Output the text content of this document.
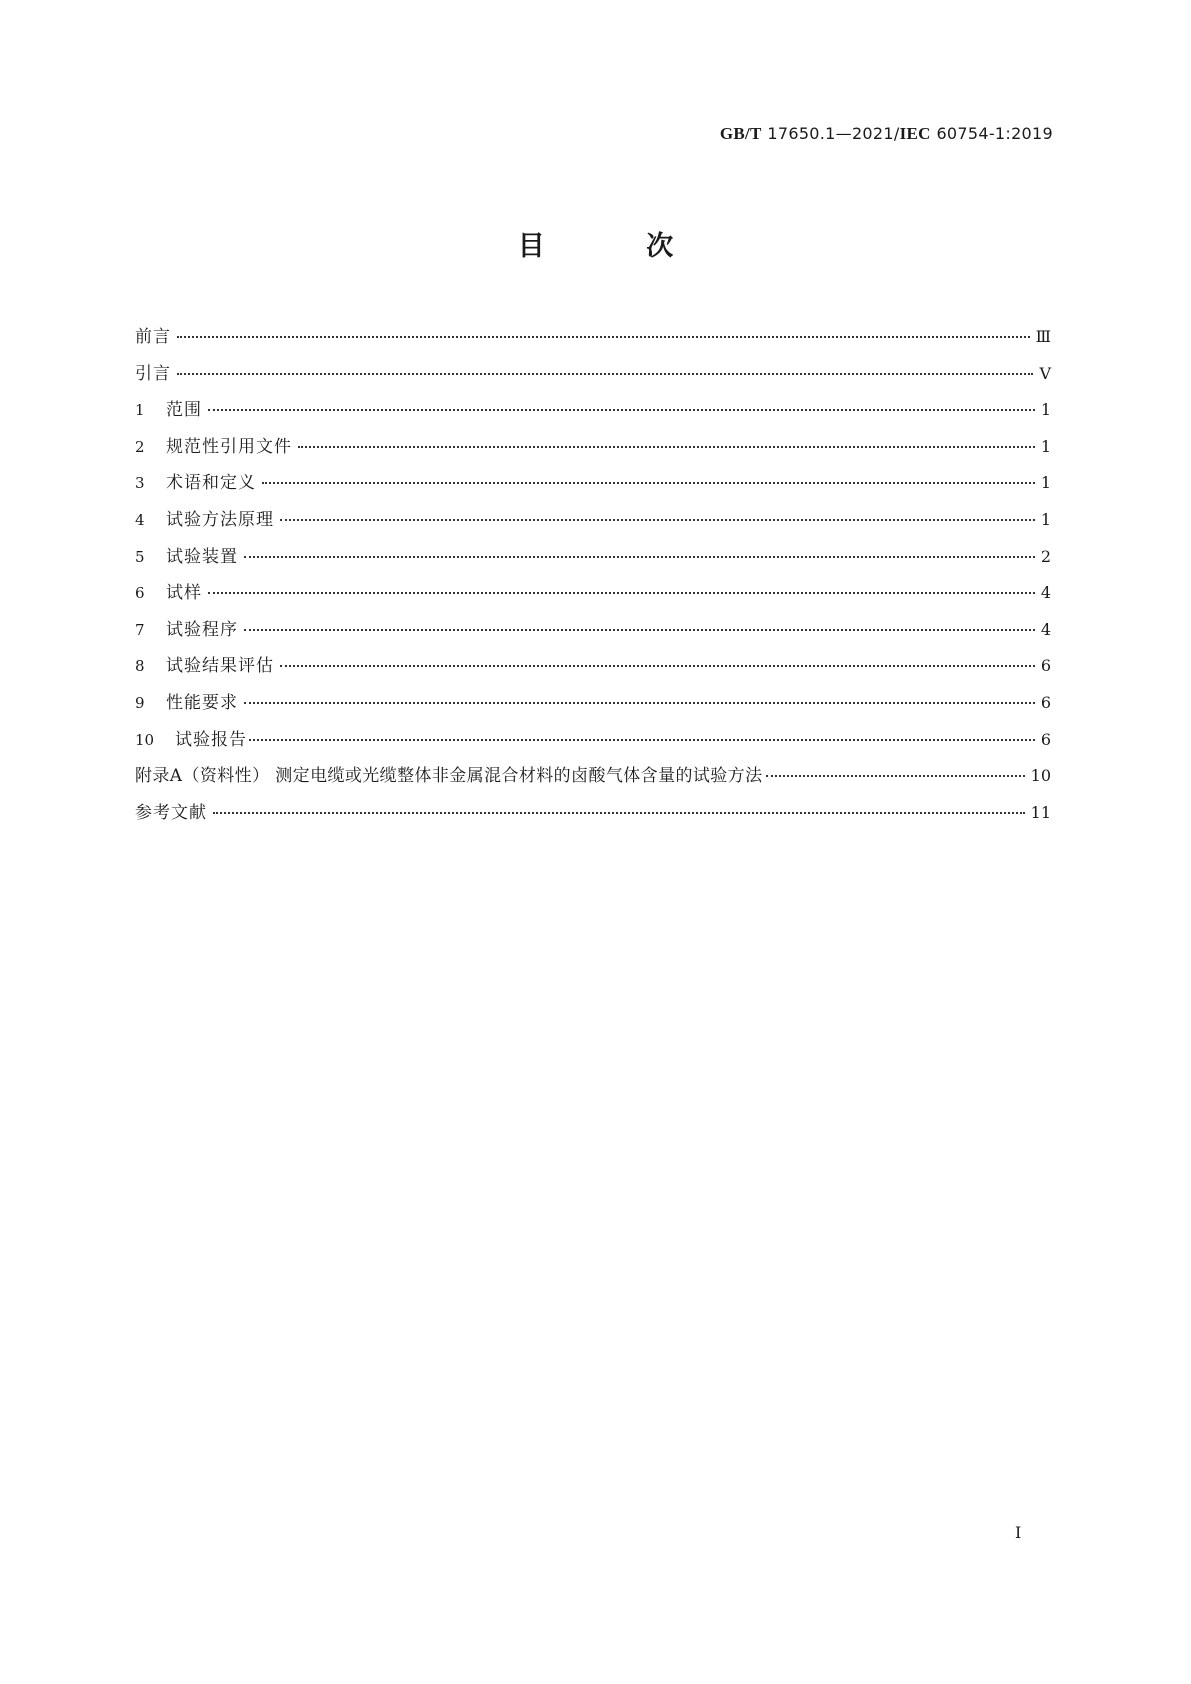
GB/T 17650.1—2021/IEC 60754-1:2019
目 次
前言	Ⅲ
引言	Ⅴ
1	范围	1
2	规范性引用文件	1
3	术语和定义	1
4	试验方法原理	1
5	试验装置	2
6	试样	4
7	试验程序	4
8	试验结果评估	6
9	性能要求	6
10	试验报告	6
附录A（资料性） 测定电缆或光缆整体非金属混合材料的卤酸气体含量的试验方法	10
参考文献	11
Ⅰ
